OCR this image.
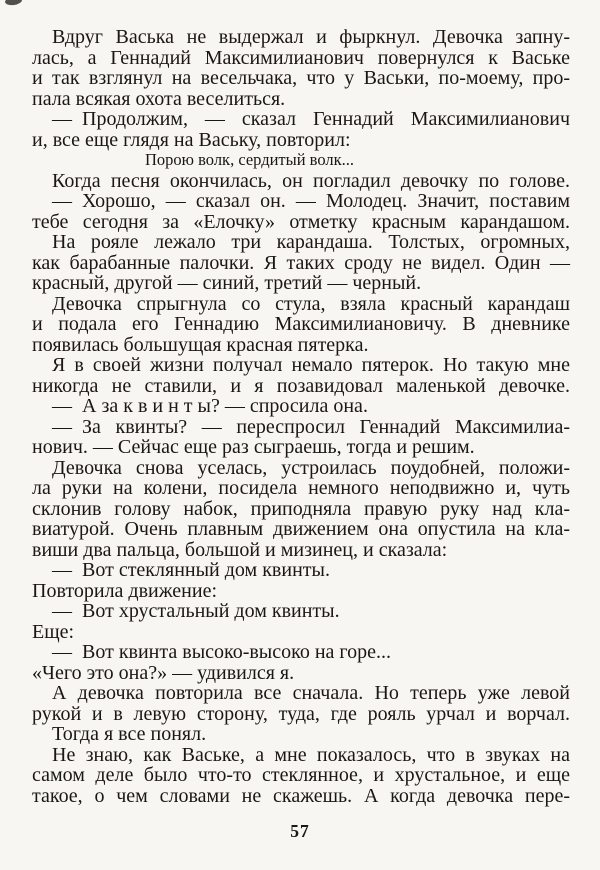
Вдруг Васька не выдержал и фыркнул. Девочка запну-
лась, а Геннадий Максимилианович повернулся к Ваське
и так взглянул на весельчака, что у Васьки, по-моему, про-
пала всякая охота веселиться.
— Продолжим, — сказал Геннадий Максимилианович
и, все еще глядя на Ваську, повторил:
Порою волк, сердитый волк...
Когда песня окончилась, он погладил девочку по голове.
— Хорошо, — сказал он. — Молодец. Значит, поставим
тебе сегодня за «Елочку» отметку красным карандашом.
На рояле лежало три карандаша. Толстых, огромных,
как барабанные палочки. Я таких сроду не видел. Один —
красный, другой — синий, третий — черный.
Девочка спрыгнула со стула, взяла красный карандаш
и подала его Геннадию Максимилиановичу. В дневнике
появилась большущая красная пятерка.
Я в своей жизни получал немало пятерок. Но такую мне
никогда не ставили, и я позавидовал маленькой девочке.
— А за к в и н т ы? — спросила она.
— За квинты? — переспросил Геннадий Максимилиа-
нович. — Сейчас еще раз сыграешь, тогда и решим.
Девочка снова уселась, устроилась поудобней, положи-
ла руки на колени, посидела немного неподвижно и, чуть
склонив голову набок, приподняла правую руку над кла-
виатурой. Очень плавным движением она опустила на кла-
виши два пальца, большой и мизинец, и сказала:
— Вот стеклянный дом квинты.
Повторила движение:
— Вот хрустальный дом квинты.
Еще:
— Вот квинта высоко-высоко на горе...
«Чего это она?» — удивился я.
А девочка повторила все сначала. Но теперь уже левой
рукой и в левую сторону, туда, где рояль урчал и ворчал.
Тогда я все понял.
Не знаю, как Ваське, а мне показалось, что в звуках на
самом деле было что-то стеклянное, и хрустальное, и еще
такое, о чем словами не скажешь. А когда девочка пере-
57
